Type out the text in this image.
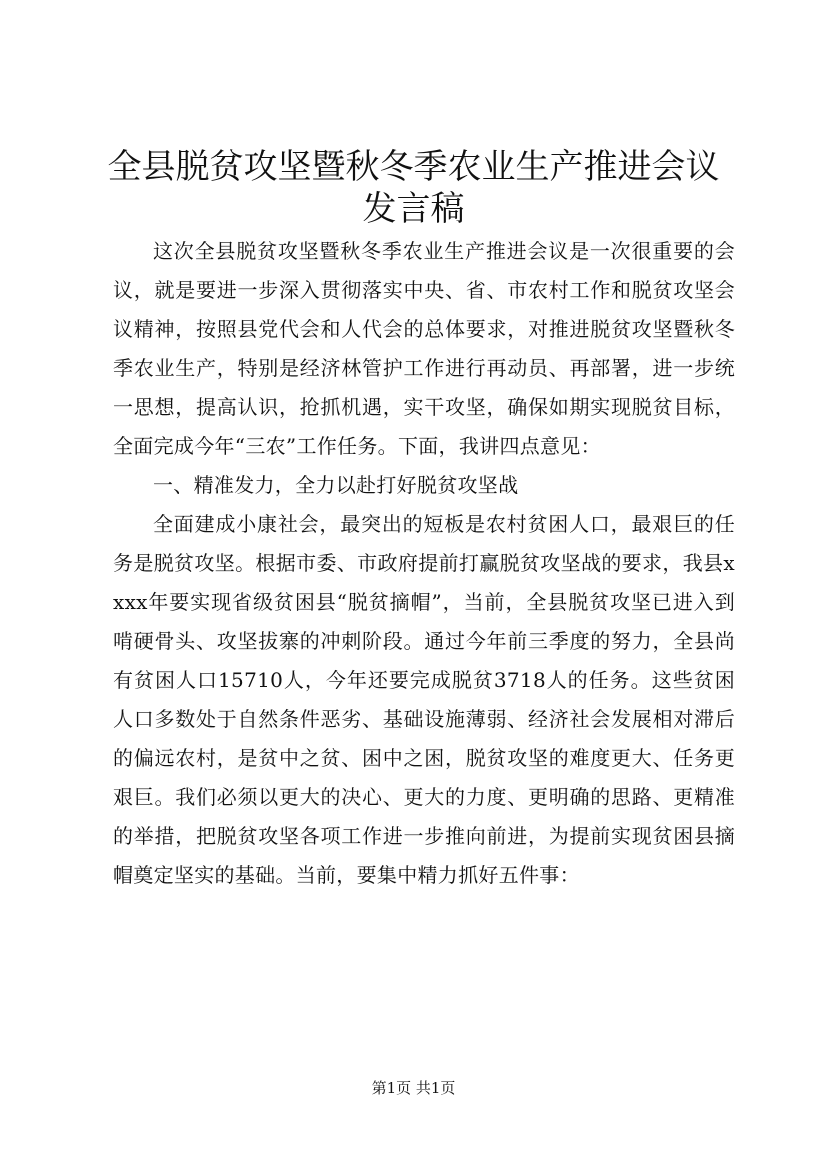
全县脱贫攻坚暨秋冬季农业生产推进会议发言稿

这次全县脱贫攻坚暨秋冬季农业生产推进会议是一次很重要的会议，就是要进一步深入贯彻落实中央、省、市农村工作和脱贫攻坚会议精神，按照县党代会和人代会的总体要求，对推进脱贫攻坚暨秋冬季农业生产，特别是经济林管护工作进行再动员、再部署，进一步统一思想，提高认识，抢抓机遇，实干攻坚，确保如期实现脱贫目标，全面完成今年“三农”工作任务。下面，我讲四点意见：

一、精准发力，全力以赴打好脱贫攻坚战

全面建成小康社会，最突出的短板是农村贫困人口，最艰巨的任务是脱贫攻坚。根据市委、市政府提前打赢脱贫攻坚战的要求，我县xxxx年要实现省级贫困县“脱贫摘帽”，当前，全县脱贫攻坚已进入到啃硬骨头、攻坚拔寨的冲刺阶段。通过今年前三季度的努力，全县尚有贫困人口15710人，今年还要完成脱贫3718人的任务。这些贫困人口多数处于自然条件恶劣、基础设施薄弱、经济社会发展相对滞后的偏远农村，是贫中之贫、困中之困，脱贫攻坚的难度更大、任务更艰巨。我们必须以更大的决心、更大的力度、更明确的思路、更精准的举措，把脱贫攻坚各项工作进一步推向前进，为提前实现贫困县摘帽奠定坚实的基础。当前，要集中精力抓好五件事：

第1页 共1页
